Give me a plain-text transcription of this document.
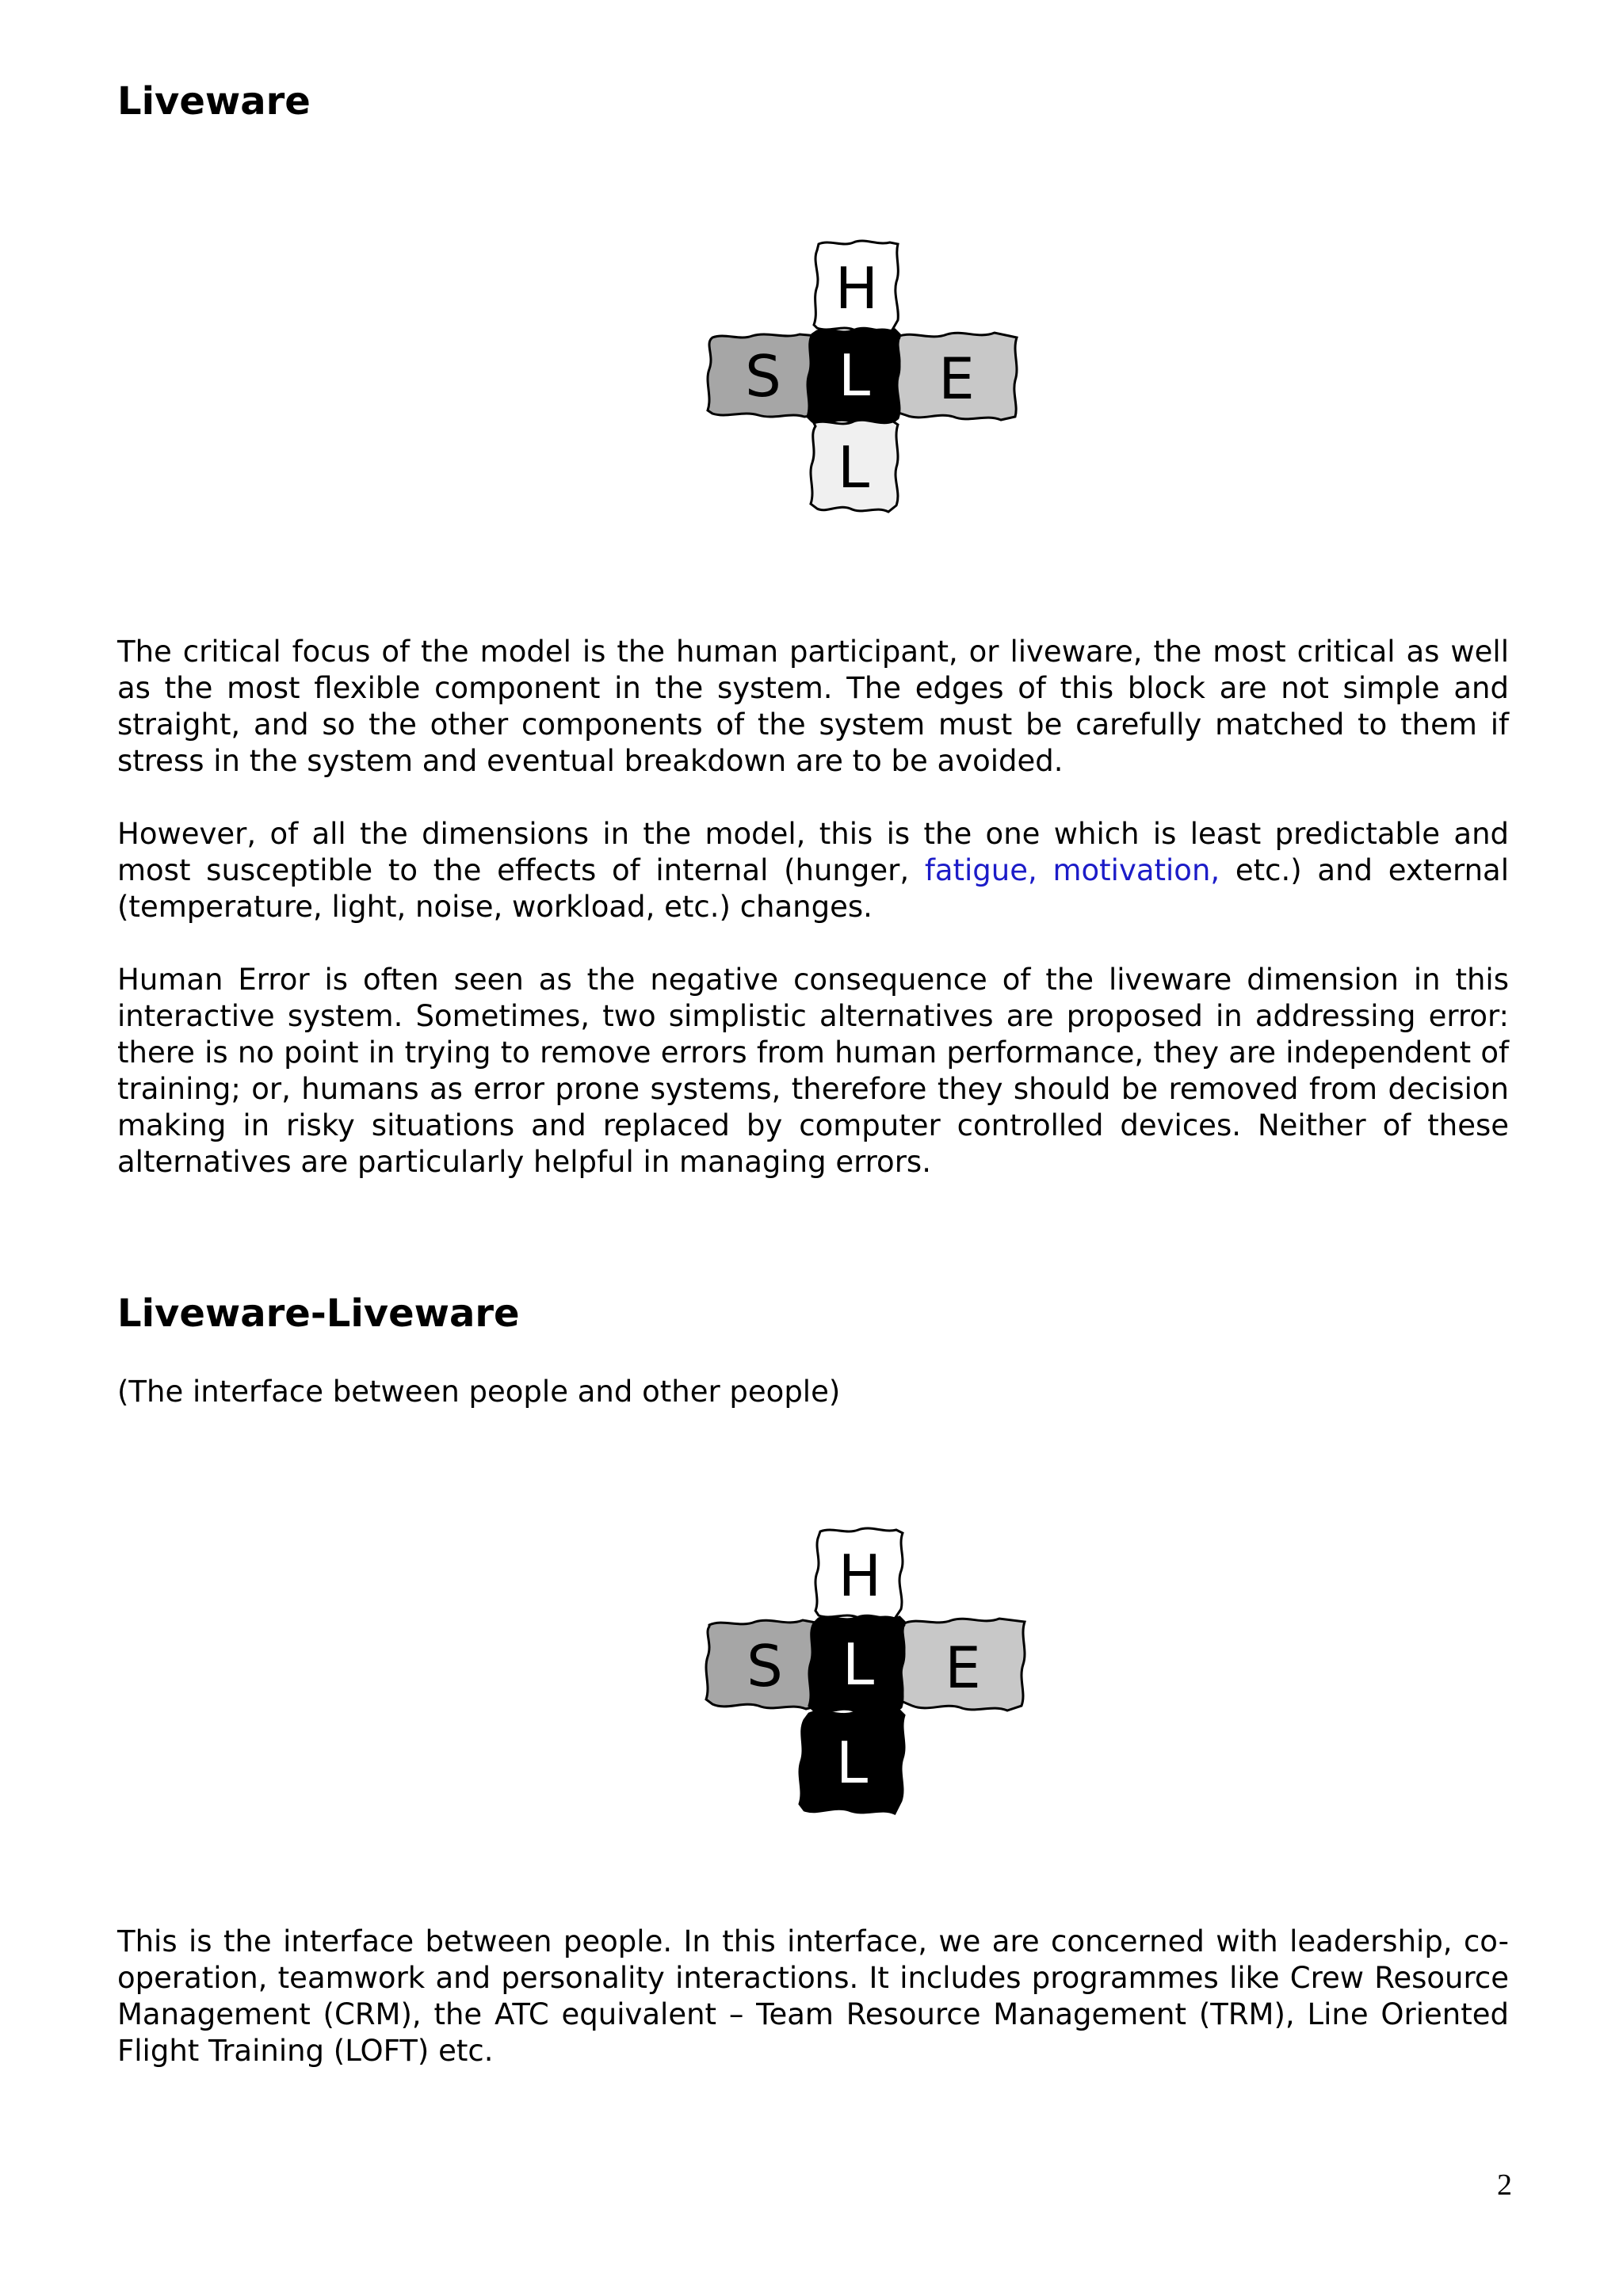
Liveware
H
S	E
L
L

The critical focus of the model is the human participant, or liveware, the most critical as well as the most flexible component in the system. The edges of this block are not simple and straight, and so the other components of the system must be carefully matched to them if stress in the system and eventual breakdown are to be avoided.

However, of all the dimensions in the model, this is the one which is least predictable and most susceptible to the effects of internal (hunger, fatigue, motivation, etc.) and external (temperature, light, noise, workload, etc.) changes.

Human Error is often seen as the negative consequence of the liveware dimension in this interactive system. Sometimes, two simplistic alternatives are proposed in addressing error: there is no point in trying to remove errors from human performance, they are independent of training; or, humans as error prone systems, therefore they should be removed from decision making in risky situations and replaced by computer controlled devices. Neither of these alternatives are particularly helpful in managing errors.

Liveware-Liveware

(The interface between people and other people)

H
S	E
L
L

This is the interface between people. In this interface, we are concerned with leadership, co-operation, teamwork and personality interactions. It includes programmes like Crew Resource Management (CRM), the ATC equivalent – Team Resource Management (TRM), Line Oriented Flight Training (LOFT) etc.

2
